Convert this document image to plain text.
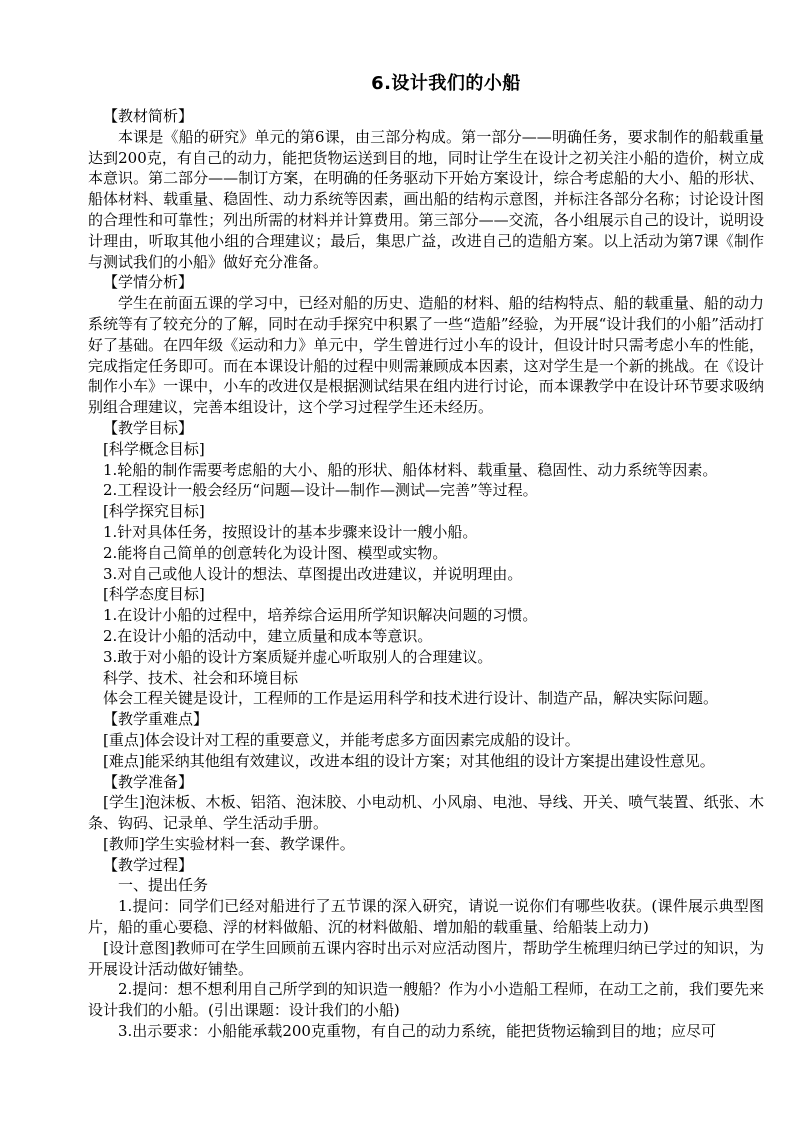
6.设计我们的小船

【教材简析】

本课是《船的研究》单元的第6课，由三部分构成。第一部分——明确任务，要求制作的船载重量达到200克，有自己的动力，能把货物运送到目的地，同时让学生在设计之初关注小船的造价，树立成本意识。第二部分——制订方案，在明确的任务驱动下开始方案设计，综合考虑船的大小、船的形状、船体材料、载重量、稳固性、动力系统等因素，画出船的结构示意图，并标注各部分名称；讨论设计图的合理性和可靠性；列出所需的材料并计算费用。第三部分——交流，各小组展示自己的设计，说明设计理由，听取其他小组的合理建议；最后，集思广益，改进自己的造船方案。以上活动为第7课《制作与测试我们的小船》做好充分准备。

【学情分析】

学生在前面五课的学习中，已经对船的历史、造船的材料、船的结构特点、船的载重量、船的动力系统等有了较充分的了解，同时在动手探究中积累了一些“造船”经验，为开展“设计我们的小船”活动打好了基础。在四年级《运动和力》单元中，学生曾进行过小车的设计，但设计时只需考虑小车的性能，完成指定任务即可。而在本课设计船的过程中则需兼顾成本因素，这对学生是一个新的挑战。在《设计制作小车》一课中，小车的改进仅是根据测试结果在组内进行讨论，而本课教学中在设计环节要求吸纳别组合理建议，完善本组设计，这个学习过程学生还未经历。

【教学目标】

[科学概念目标]

1.轮船的制作需要考虑船的大小、船的形状、船体材料、载重量、稳固性、动力系统等因素。

2.工程设计一般会经历“问题—设计—制作—测试—完善”等过程。

[科学探究目标]

1.针对具体任务，按照设计的基本步骤来设计一艘小船。

2.能将自己简单的创意转化为设计图、模型或实物。

3.对自己或他人设计的想法、草图提出改进建议，并说明理由。

[科学态度目标]

1.在设计小船的过程中，培养综合运用所学知识解决问题的习惯。

2.在设计小船的活动中，建立质量和成本等意识。

3.敢于对小船的设计方案质疑并虚心听取别人的合理建议。

科学、技术、社会和环境目标

体会工程关键是设计，工程师的工作是运用科学和技术进行设计、制造产品，解决实际问题。

【教学重难点】

[重点]体会设计对工程的重要意义，并能考虑多方面因素完成船的设计。

[难点]能采纳其他组有效建议，改进本组的设计方案；对其他组的设计方案提出建设性意见。

【教学准备】

[学生]泡沫板、木板、铝箔、泡沫胶、小电动机、小风扇、电池、导线、开关、喷气装置、纸张、木条、钩码、记录单、学生活动手册。

[教师]学生实验材料一套、教学课件。

【教学过程】

一、提出任务

1.提问：同学们已经对船进行了五节课的深入研究，请说一说你们有哪些收获。(课件展示典型图片，船的重心要稳、浮的材料做船、沉的材料做船、增加船的载重量、给船装上动力)

[设计意图]教师可在学生回顾前五课内容时出示对应活动图片，帮助学生梳理归纳已学过的知识，为开展设计活动做好铺垫。

2.提问：想不想利用自己所学到的知识造一艘船？作为小小造船工程师，在动工之前，我们要先来设计我们的小船。(引出课题：设计我们的小船)

3.出示要求：小船能承载200克重物，有自己的动力系统，能把货物运输到目的地；应尽可
